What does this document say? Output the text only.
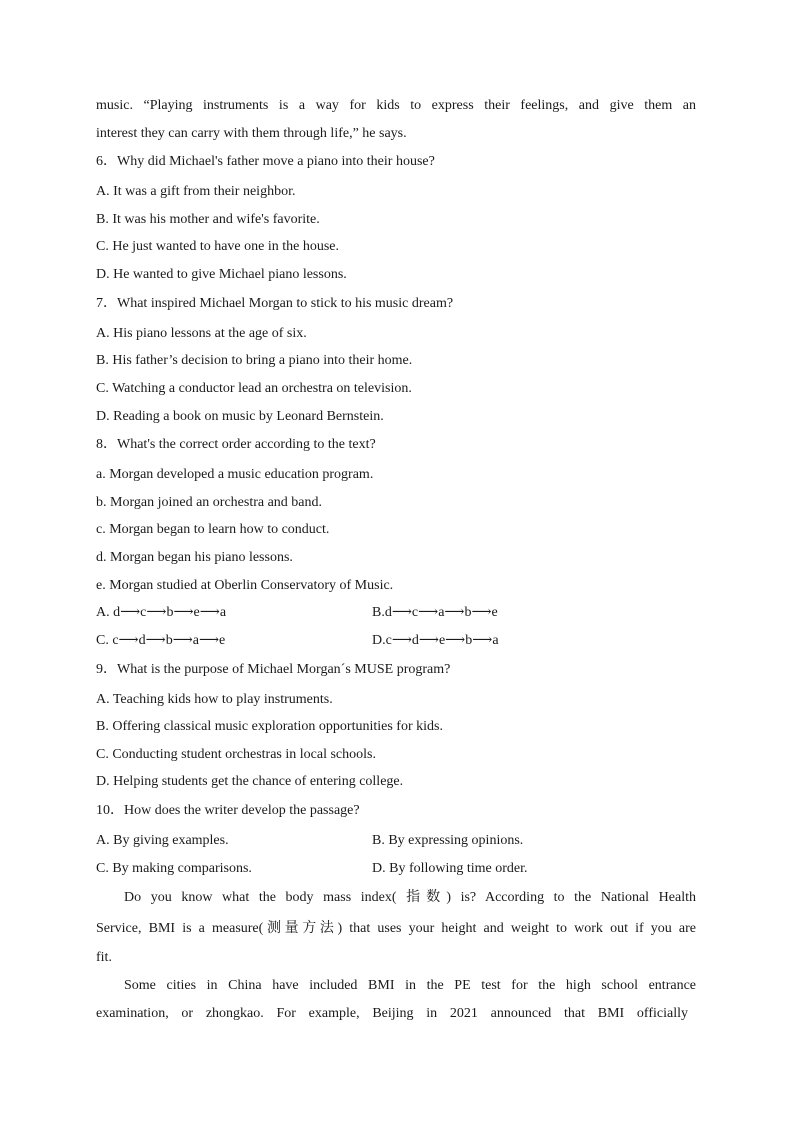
music. “Playing instruments is a way for kids to express their feelings, and give them an
interest they can carry with them through life,” he says.
6．Why did Michael's father move a piano into their house?
A. It was a gift from their neighbor.
B. It was his mother and wife's favorite.
C. He just wanted to have one in the house.
D. He wanted to give Michael piano lessons.
7．What inspired Michael Morgan to stick to his music dream?
A. His piano lessons at the age of six.
B. His father’s decision to bring a piano into their home.
C. Watching a conductor lead an orchestra on television.
D. Reading a book on music by Leonard Bernstein.
8．What's the correct order according to the text?
a. Morgan developed a music education program.
b. Morgan joined an orchestra and band.
c. Morgan began to learn how to conduct.
d. Morgan began his piano lessons.
e. Morgan studied at Oberlin Conservatory of Music.
A. d⟶c⟶b⟶e⟶a	B.d⟶c⟶a⟶b⟶e
C. c⟶d⟶b⟶a⟶e	D.c⟶d⟶e⟶b⟶a
9．What is the purpose of Michael Morgan´s MUSE program?
A. Teaching kids how to play instruments.
B. Offering classical music exploration opportunities for kids.
C. Conducting student orchestras in local schools.
D. Helping students get the chance of entering college.
10．How does the writer develop the passage?
A. By giving examples.	B. By expressing opinions.
C. By making comparisons.	D. By following time order.
Do you know what the body mass index( 指数) is? According to the National Health
Service, BMI is a measure(测量方法) that uses your height and weight to work out if you are
fit.
Some cities in China have included BMI in the PE test for the high school entrance
examination, or zhongkao. For example, Beijing in 2021 announced that BMI officially
